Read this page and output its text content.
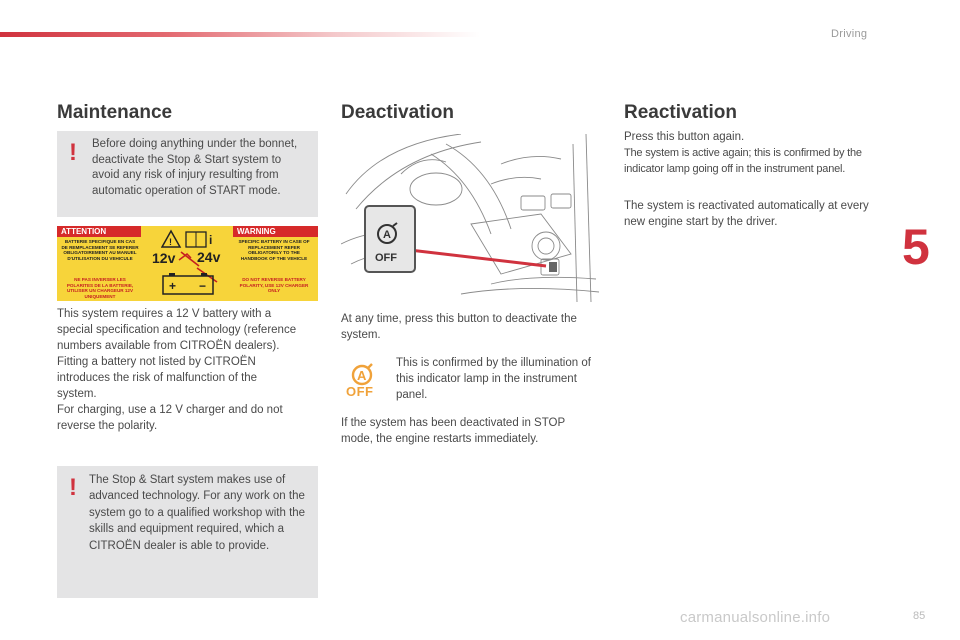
Driving
5
Maintenance
! Before doing anything under the bonnet, deactivate the Stop & Start system to avoid any risk of injury resulting from automatic operation of START mode.
ATTENTION	WARNING
!	i
BATTERIE SPECIFIQUE EN CAS DE REMPLACEMENT SE REFERER OBLIGATOIREMENT AU MANUEL D'UTILISATION DU VEHICULE
SPECIFIC BATTERY IN CASE OF REPLACEMENT REFER OBLIGATORILY TO THE HANDBOOK OF THE VEHICLE
NE PAS INVERSER LES POLARITES DE LA BATTERIE, UTILISER UN CHARGEUR 12V UNIQUEMENT
DO NOT REVERSE BATTERY POLARITY, USE 12V CHARGER ONLY
12v 24v
+ −
This system requires a 12 V battery with a
special specification and technology (reference
numbers available from CITROËN dealers).
Fitting a battery not listed by CITROËN
introduces the risk of malfunction of the
system.
For charging, use a 12 V charger and do not
reverse the polarity.
! The Stop & Start system makes use of advanced technology. For any work on the system go to a qualified workshop with the skills and equipment required, which a CITROËN dealer is able to provide.
Deactivation
A
OFF
At any time, press this button to deactivate the system.
A
OFF
This is confirmed by the illumination of this indicator lamp in the instrument panel.
If the system has been deactivated in STOP mode, the engine restarts immediately.
Reactivation
Press this button again.
The system is active again; this is confirmed by the indicator lamp going off in the instrument panel.
The system is reactivated automatically at every new engine start by the driver.
carmanualsonline.info	85
